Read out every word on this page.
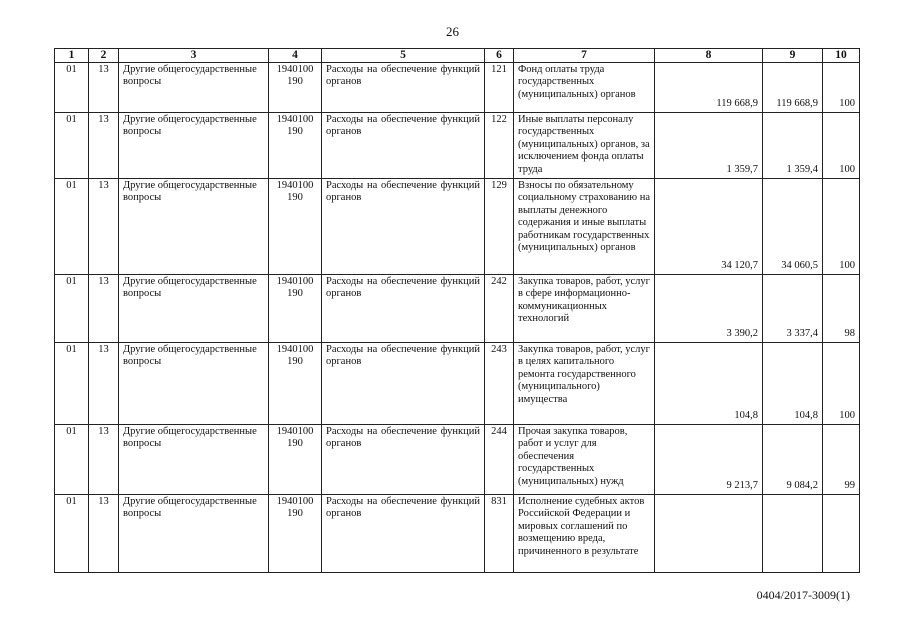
26
1	2	3	4	5	6	7	8	9	10
01	13	Другие общегосударственные вопросы	1940100 190	Расходы на обеспечение функций
органов	121	Фонд оплаты труда государственных (муниципальных) органов	119 668,9	119 668,9	100
01	13	Другие общегосударственные вопросы	1940100 190	Расходы на обеспечение функций
органов	122	Иные выплаты персоналу государственных (муниципальных) органов, за исключением фонда оплаты труда	1 359,7	1 359,4	100
01	13	Другие общегосударственные вопросы	1940100 190	Расходы на обеспечение функций
органов	129	Взносы по обязательному социальному страхованию на выплаты денежного содержания и иные выплаты работникам государственных (муниципальных) органов	34 120,7	34 060,5	100
01	13	Другие общегосударственные вопросы	1940100 190	Расходы на обеспечение функций
органов	242	Закупка товаров, работ, услуг в сфере информационно-коммуникационных технологий	3 390,2	3 337,4	98
01	13	Другие общегосударственные вопросы	1940100 190	Расходы на обеспечение функций
органов	243	Закупка товаров, работ, услуг в целях капитального ремонта государственного (муниципального) имущества	104,8	104,8	100
01	13	Другие общегосударственные вопросы	1940100 190	Расходы на обеспечение функций
органов	244	Прочая закупка товаров, работ и услуг для обеспечения государственных (муниципальных) нужд	9 213,7	9 084,2	99
01	13	Другие общегосударственные вопросы	1940100 190	Расходы на обеспечение функций
органов	831	Исполнение судебных актов Российской Федерации и мировых соглашений по возмещению вреда, причиненного в результате			
0404/2017-3009(1)
